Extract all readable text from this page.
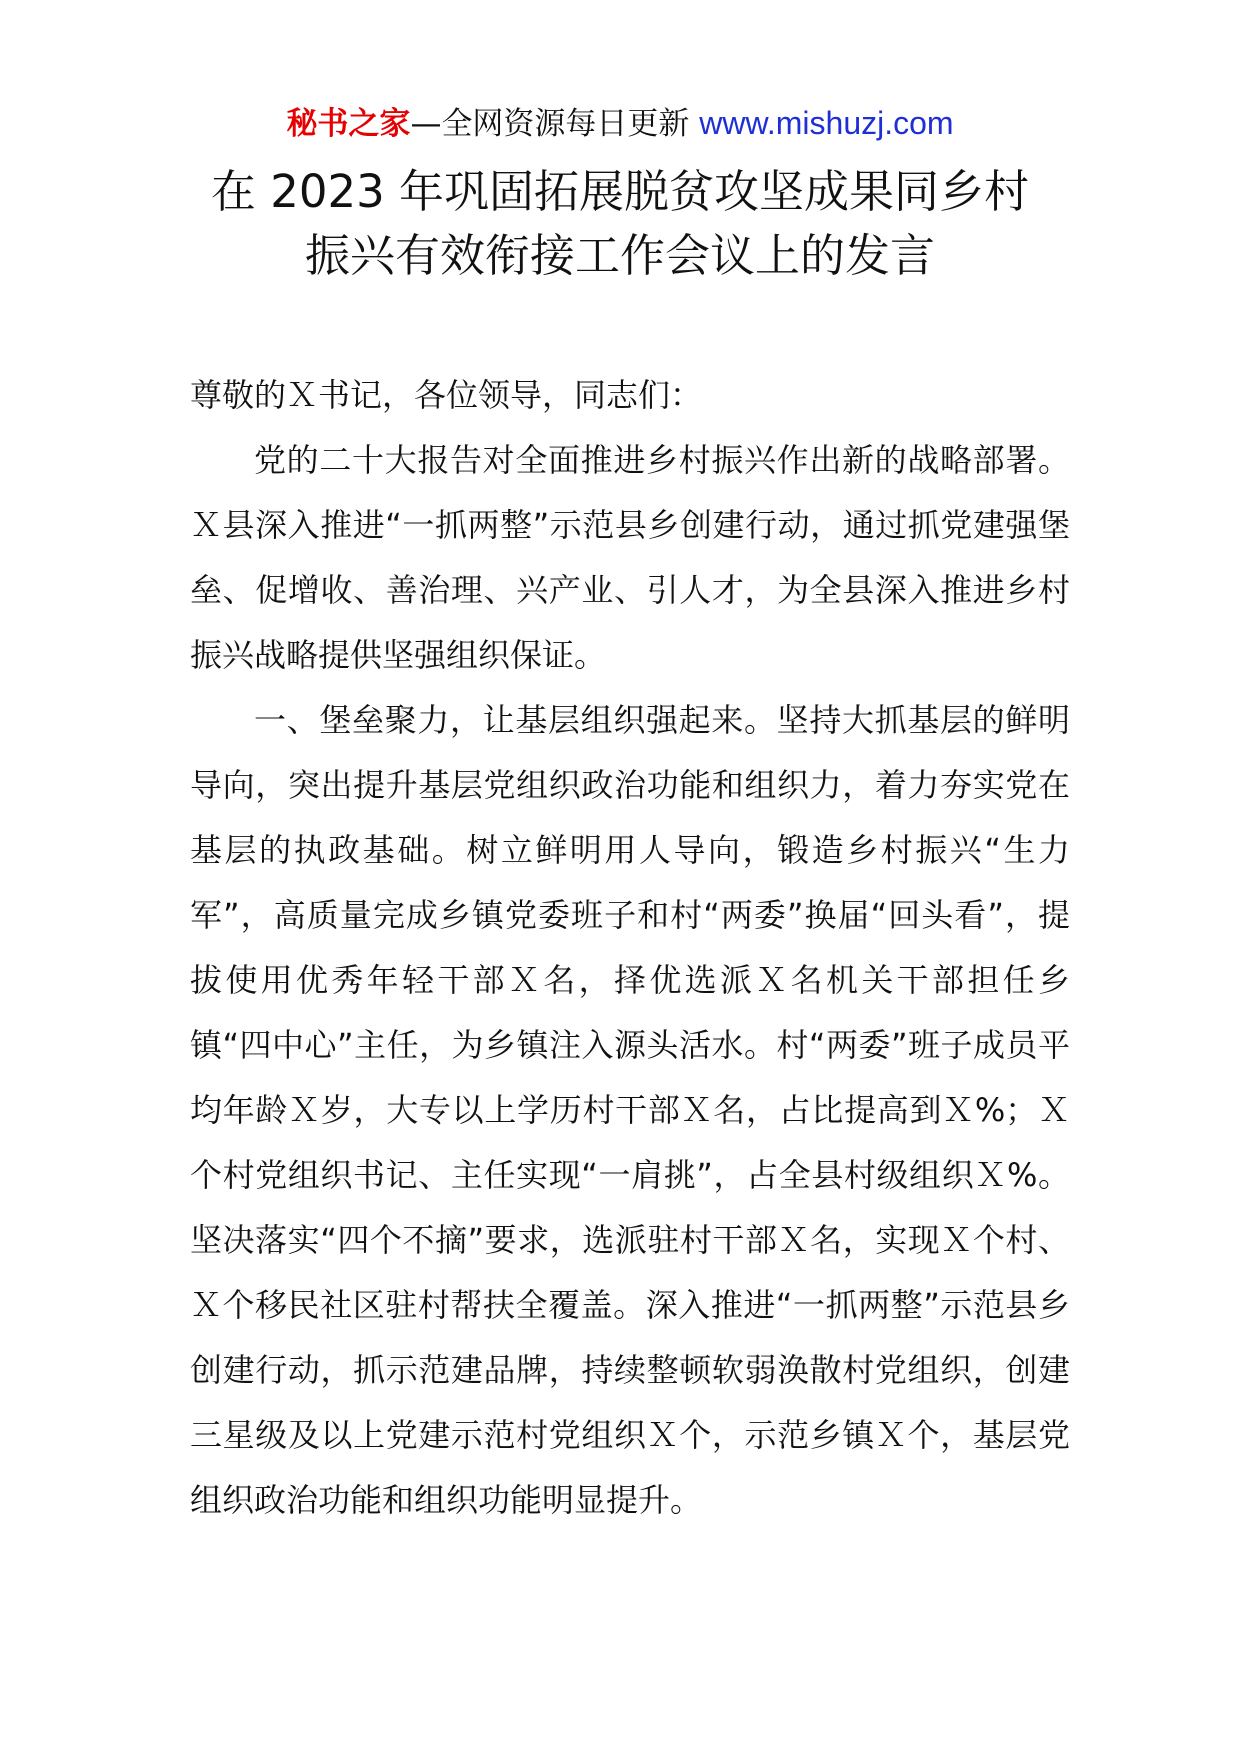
秘书之家—全网资源每日更新 www.mishuzj.com
在 2023 年巩固拓展脱贫攻坚成果同乡村
振兴有效衔接工作会议上的发言

尊敬的Ｘ书记，各位领导，同志们：

党的二十大报告对全面推进乡村振兴作出新的战略部署。Ｘ县深入推进“一抓两整”示范县乡创建行动，通过抓党建强堡垒、促增收、善治理、兴产业、引人才，为全县深入推进乡村振兴战略提供坚强组织保证。

一、堡垒聚力，让基层组织强起来。坚持大抓基层的鲜明导向，突出提升基层党组织政治功能和组织力，着力夯实党在基层的执政基础。树立鲜明用人导向，锻造乡村振兴“生力军”，高质量完成乡镇党委班子和村“两委”换届“回头看”，提拔使用优秀年轻干部Ｘ名，择优选派Ｘ名机关干部担任乡镇“四中心”主任，为乡镇注入源头活水。村“两委”班子成员平均年龄Ｘ岁，大专以上学历村干部Ｘ名，占比提高到Ｘ%；Ｘ个村党组织书记、主任实现“一肩挑”，占全县村级组织Ｘ%。坚决落实“四个不摘”要求，选派驻村干部Ｘ名，实现Ｘ个村、Ｘ个移民社区驻村帮扶全覆盖。深入推进“一抓两整”示范县乡创建行动，抓示范建品牌，持续整顿软弱涣散村党组织，创建三星级及以上党建示范村党组织Ｘ个，示范乡镇Ｘ个，基层党组织政治功能和组织功能明显提升。
